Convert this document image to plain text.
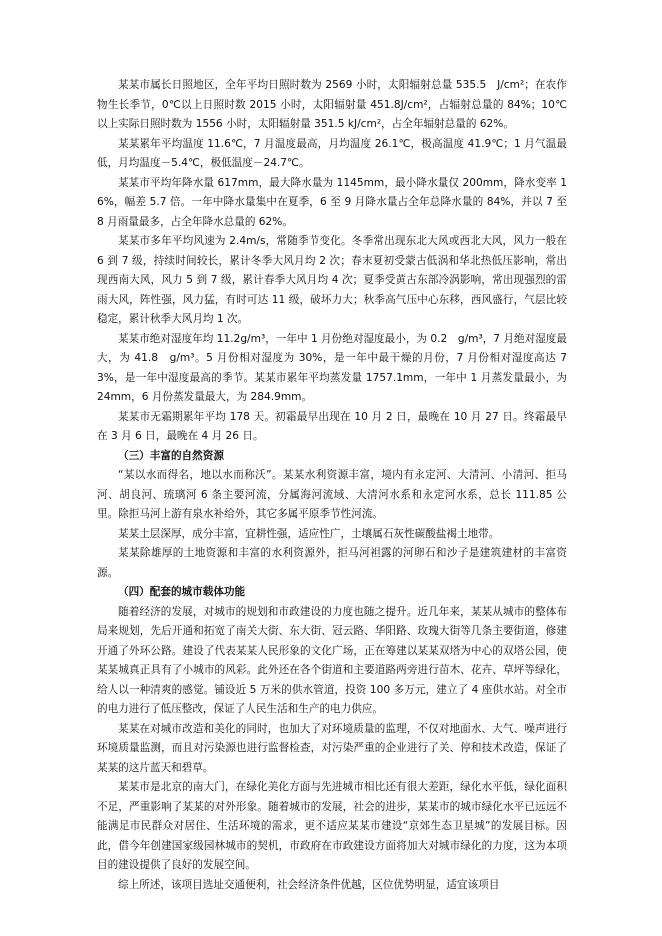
某某市属长日照地区，全年平均日照时数为 2569 小时，太阳辐射总量 535.5　J/cm²；在农作物生长季节，0℃以上日照时数 2015 小时，太阳辐射量 451.8J/cm²，占辐射总量的 84%；10℃以上实际日照时数为 1556 小时，太阳辐射量 351.5 kJ/cm²，占全年辐射总量的 62%。

某某累年平均温度 11.6℃，7 月温度最高，月均温度 26.1℃，极高温度 41.9℃；1 月气温最低，月均温度－5.4℃，极低温度－24.7℃。

某某市平均年降水量 617mm，最大降水量为 1145mm，最小降水量仅 200mm，降水变率 16%，幅差 5.7 倍。一年中降水量集中在夏季，6 至 9 月降水量占全年总降水量的 84%，并以 7 至 8 月雨量最多，占全年降水总量的 62%。

某某市多年平均风速为 2.4m/s，常随季节变化。冬季常出现东北大风或西北大风，风力一般在 6 到 7 级，持续时间较长，累计冬季大风月均 2 次；春末夏初受蒙古低涡和华北热低压影响，常出现西南大风，风力 5 到 7 级，累计春季大风月均 4 次；夏季受黄古东部冷涡影响，常出现强烈的雷雨大风，阵性强，风力猛，有时可达 11 级，破坏力大；秋季高气压中心东移，西风盛行，气层比较稳定，累计秋季大风月均 1 次。

某某市绝对湿度年均 11.2g/m³，一年中 1 月份绝对湿度最小，为 0.2　g/m³，7 月绝对湿度最大，为 41.8　g/m³。5 月份相对湿度为 30%，是一年中最干燥的月份，7 月份相对湿度高达 73%，是一年中湿度最高的季节。某某市累年平均蒸发量 1757.1mm，一年中 1 月蒸发量最小，为 24mm，6 月份蒸发量最大，为 284.9mm。

某某市无霜期累年平均 178 天。初霜最早出现在 10 月 2 日，最晚在 10 月 27 日。终霜最早在 3 月 6 日，最晚在 4 月 26 日。

（三）丰富的自然资源

“某以水而得名，地以水而称沃”。某某水利资源丰富，境内有永定河、大清河、小清河、拒马河、胡良河、琉璃河 6 条主要河流，分属海河流域、大清河水系和永定河水系，总长 111.85 公里。除拒马河上游有泉水补给外，其它多属平原季节性河流。

某某土层深厚，成分丰富，宜耕性强，适应性广，土壤属石灰性碳酸盐褐土地带。

某某除雄厚的土地资源和丰富的水利资源外，拒马河袒露的河卵石和沙子是建筑建材的丰富资源。

（四）配套的城市载体功能

随着经济的发展，对城市的规划和市政建设的力度也随之提升。近几年来，某某从城市的整体布局来规划，先后开通和拓宽了南关大街、东大街、冠云路、华阳路、玫瑰大街等几条主要街道，修建开通了外环公路。建设了代表某某人民形象的文化广场，正在筹建以某某双塔为中心的双塔公园，使某某城真正具有了小城市的风彩。此外还在各个街道和主要道路两旁进行苗木、花卉、草坪等绿化，给人以一种清爽的感觉。铺设近 5 万米的供水管道，投资 100 多万元，建立了 4 座供水站。对全市的电力进行了低压整改，保证了人民生活和生产的电力供应。

某某在对城市改造和美化的同时，也加大了对环境质量的监理，不仅对地面水、大气、噪声进行环境质量监测，而且对污染源也进行监督检查，对污染严重的企业进行了关、停和技术改造，保证了某某的这片蓝天和碧草。

某某市是北京的南大门，在绿化美化方面与先进城市相比还有很大差距，绿化水平低，绿化面积不足，严重影响了某某的对外形象。随着城市的发展，社会的进步，某某市的城市绿化水平已远远不能满足市民群众对居住、生活环境的需求，更不适应某某市建设“京郊生态卫星城”的发展目标。因此，借今年创建国家级园林城市的契机，市政府在市政建设方面将加大对城市绿化的力度，这为本项目的建设提供了良好的发展空间。

综上所述，该项目选址交通便利，社会经济条件优越，区位优势明显，适宜该项目
